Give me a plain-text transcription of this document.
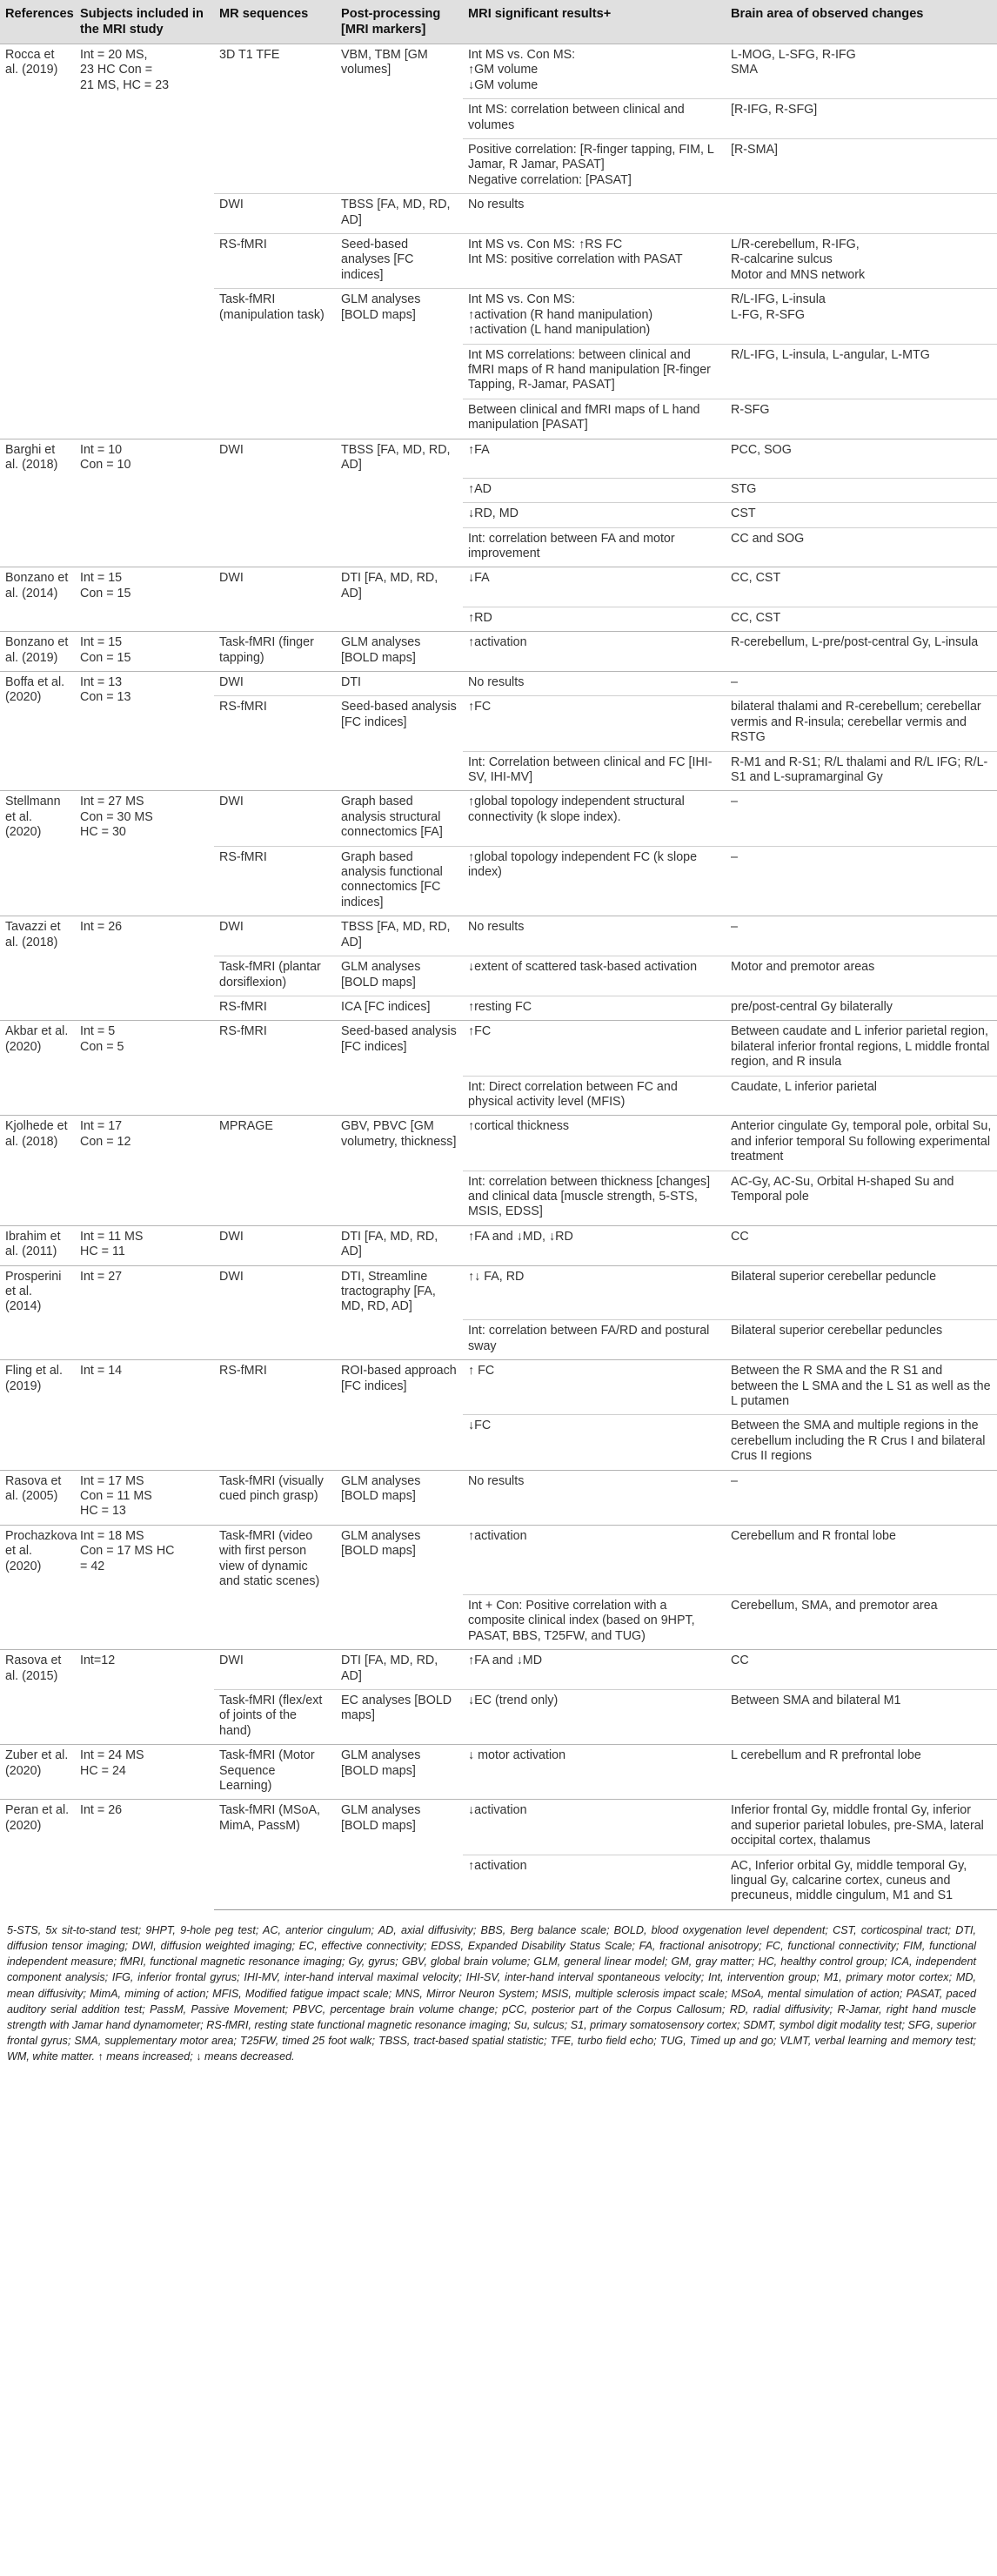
References	Subjects included in the MRI study	MR sequences	Post-processing [MRI markers]	MRI significant results+	Brain area of observed changes
Rocca et al. (2019)	Int = 20 MS,
23 HC Con =
21 MS, HC = 23	3D T1 TFE	VBM, TBM [GM volumes]	Int MS vs. Con MS:
↑GM volume
↓GM volume	L-MOG, L-SFG, R-IFG
SMA
				Int MS: correlation between clinical and volumes	[R-IFG, R-SFG]
				Positive correlation: [R-finger tapping, FIM, L Jamar, R Jamar, PASAT]
Negative correlation: [PASAT]	[R-SMA]
		DWI	TBSS [FA, MD, RD, AD]	No results	
		RS-fMRI	Seed-based analyses [FC indices]	Int MS vs. Con MS: ↑RS FC
Int MS: positive correlation with PASAT	L/R-cerebellum, R-IFG,
R-calcarine sulcus
Motor and MNS network
		Task-fMRI (manipulation task)	GLM analyses [BOLD maps]	Int MS vs. Con MS:
↑activation (R hand manipulation)
↑activation (L hand manipulation)	R/L-IFG, L-insula
L-FG, R-SFG
				Int MS correlations: between clinical and fMRI maps of R hand manipulation [R-finger Tapping, R-Jamar, PASAT]	R/L-IFG, L-insula, L-angular, L-MTG
				Between clinical and fMRI maps of L hand manipulation [PASAT]	R-SFG
Barghi et al. (2018)	Int = 10
Con = 10	DWI	TBSS [FA, MD, RD, AD]	↑FA	PCC, SOG
				↑AD	STG
				↓RD, MD	CST
				Int: correlation between FA and motor improvement	CC and SOG
Bonzano et al. (2014)	Int = 15
Con = 15	DWI	DTI [FA, MD, RD, AD]	↓FA	CC, CST
				↑RD	CC, CST
Bonzano et al. (2019)	Int = 15
Con = 15	Task-fMRI (finger tapping)	GLM analyses [BOLD maps]	↑activation	R-cerebellum, L-pre/post-central Gy, L-insula
Boffa et al. (2020)	Int = 13
Con = 13	DWI	DTI	No results	–
		RS-fMRI	Seed-based analysis [FC indices]	↑FC	bilateral thalami and R-cerebellum; cerebellar vermis and R-insula; cerebellar vermis and RSTG
				Int: Correlation between clinical and FC [IHI-SV, IHI-MV]	R-M1 and R-S1; R/L thalami and R/L IFG; R/L-S1 and L-supramarginal Gy
Stellmann et al. (2020)	Int = 27 MS
Con = 30 MS
HC = 30	DWI	Graph based analysis structural connectomics [FA]	↑global topology independent structural connectivity (k slope index).	–
		RS-fMRI	Graph based analysis functional connectomics [FC indices]	↑global topology independent FC (k slope index)	–
Tavazzi et al. (2018)	Int = 26	DWI	TBSS [FA, MD, RD, AD]	No results	–
		Task-fMRI (plantar dorsiflexion)	GLM analyses [BOLD maps]	↓extent of scattered task-based activation	Motor and premotor areas
		RS-fMRI	ICA [FC indices]	↑resting FC	pre/post-central Gy bilaterally
Akbar et al. (2020)	Int = 5
Con = 5	RS-fMRI	Seed-based analysis [FC indices]	↑FC	Between caudate and L inferior parietal region, bilateral inferior frontal regions, L middle frontal region, and R insula
				Int: Direct correlation between FC and physical activity level (MFIS)	Caudate, L inferior parietal
Kjolhede et al. (2018)	Int = 17
Con = 12	MPRAGE	GBV, PBVC [GM volumetry, thickness]	↑cortical thickness	Anterior cingulate Gy, temporal pole, orbital Su, and inferior temporal Su following experimental treatment
				Int: correlation between thickness [changes] and clinical data [muscle strength, 5-STS, MSIS, EDSS]	AC-Gy, AC-Su, Orbital H-shaped Su and Temporal pole
Ibrahim et al. (2011)	Int = 11 MS
HC = 11	DWI	DTI [FA, MD, RD, AD]	↑FA and ↓MD, ↓RD	CC
Prosperini et al. (2014)	Int = 27	DWI	DTI, Streamline tractography [FA, MD, RD, AD]	↑↓ FA, RD	Bilateral superior cerebellar peduncle
				Int: correlation between FA/RD and postural sway	Bilateral superior cerebellar peduncles
Fling et al. (2019)	Int = 14	RS-fMRI	ROI-based approach [FC indices]	↑ FC	Between the R SMA and the R S1 and between the L SMA and the L S1 as well as the L putamen
				↓FC	Between the SMA and multiple regions in the cerebellum including the R Crus I and bilateral Crus II regions
Rasova et al. (2005)	Int = 17 MS
Con = 11 MS
HC = 13	Task-fMRI (visually cued pinch grasp)	GLM analyses [BOLD maps]	No results	–
Prochazkova et al. (2020)	Int = 18 MS
Con = 17 MS HC
= 42	Task-fMRI (video with first person view of dynamic and static scenes)	GLM analyses [BOLD maps]	↑activation	Cerebellum and R frontal lobe
				Int + Con: Positive correlation with a composite clinical index (based on 9HPT, PASAT, BBS, T25FW, and TUG)	Cerebellum, SMA, and premotor area
Rasova et al. (2015)	Int=12	DWI	DTI [FA, MD, RD, AD]	↑FA and ↓MD	CC
		Task-fMRI (flex/ext of joints of the hand)	EC analyses [BOLD maps]	↓EC (trend only)	Between SMA and bilateral M1
Zuber et al. (2020)	Int = 24 MS
HC = 24	Task-fMRI (Motor Sequence Learning)	GLM analyses [BOLD maps]	↓ motor activation	L cerebellum and R prefrontal lobe
Peran et al. (2020)	Int = 26	Task-fMRI (MSoA, MimA, PassM)	GLM analyses [BOLD maps]	↓activation	Inferior frontal Gy, middle frontal Gy, inferior and superior parietal lobules, pre-SMA, lateral occipital cortex, thalamus
				↑activation	AC, Inferior orbital Gy, middle temporal Gy, lingual Gy, calcarine cortex, cuneus and precuneus, middle cingulum, M1 and S1
5-STS, 5x sit-to-stand test; 9HPT, 9-hole peg test; AC, anterior cingulum; AD, axial diffusivity; BBS, Berg balance scale; BOLD, blood oxygenation level dependent; CST, corticospinal tract; DTI, diffusion tensor imaging; DWI, diffusion weighted imaging; EC, effective connectivity; EDSS, Expanded Disability Status Scale; FA, fractional anisotropy; FC, functional connectivity; FIM, functional independent measure; fMRI, functional magnetic resonance imaging; Gy, gyrus; GBV, global brain volume; GLM, general linear model; GM, gray matter; HC, healthy control group; ICA, independent component analysis; IFG, inferior frontal gyrus; IHI-MV, inter-hand interval maximal velocity; IHI-SV, inter-hand interval spontaneous velocity; Int, intervention group; M1, primary motor cortex; MD, mean diffusivity; MimA, miming of action; MFIS, Modified fatigue impact scale; MNS, Mirror Neuron System; MSIS, multiple sclerosis impact scale; MSoA, mental simulation of action; PASAT, paced auditory serial addition test; PassM, Passive Movement; PBVC, percentage brain volume change; pCC, posterior part of the Corpus Callosum; RD, radial diffusivity; R-Jamar, right hand muscle strength with Jamar hand dynamometer; RS-fMRI, resting state functional magnetic resonance imaging; Su, sulcus; S1, primary somatosensory cortex; SDMT, symbol digit modality test; SFG, superior frontal gyrus; SMA, supplementary motor area; T25FW, timed 25 foot walk; TBSS, tract-based spatial statistic; TFE, turbo field echo; TUG, Timed up and go; VLMT, verbal learning and memory test; WM, white matter. ↑ means increased; ↓ means decreased.
